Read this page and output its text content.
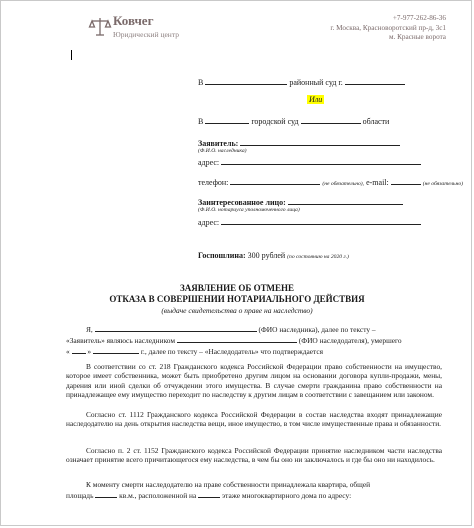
Ковчег
Юридический центр
+7-977-262-86-36
г. Москва, Красноворотский пр-д, 3с1
м. Красные ворота
В	районный суд г.
Или
В	городской суд	области
Заявитель:
(Ф.И.О. наследника)
адрес:
телефон:	(не обязательно), e-mail:	(не обязательно)
Заинтересованное лицо:
(Ф.И.О. нотариуса уполномоченного лица)
адрес:
Госпошлина: 300 рублей (по состоянию на 2020 г.)
ЗАЯВЛЕНИЕ ОБ ОТМЕНЕ
ОТКАЗА В СОВЕРШЕНИИ НОТАРИАЛЬНОГО ДЕЙСТВИЯ
(выдаче свидетельства о праве на наследство)
Я,	(ФИО наследника), далее по тексту –
«Заявитель» являюсь наследником	(ФИО наследодателя), умершего
« »	г., далее по тексту – «Наследодатель» что подтверждается

В соответствии со ст. 218 Гражданского кодекса Российской Федерации право собственности на имущество, которое имеет собственника, может быть приобретено другим лицом на основании договора купли-продажи, мены, дарения или иной сделки об отчуждении этого имущества. В случае смерти гражданина право собственности на принадлежащее ему имущество переходит по наследству к другим лицам в соответствии с завещанием или законом.

Согласно ст. 1112 Гражданского кодекса Российской Федерации в состав наследства входят принадлежащие наследодателю на день открытия наследства вещи, иное имущество, в том числе имущественные права и обязанности.

Согласно п. 2 ст. 1152 Гражданского кодекса Российской Федерации принятие наследником части наследства означает принятие всего причитающегося ему наследства, в чем бы оно ни заключалось и где бы оно ни находилось.

К моменту смерти наследодателю на праве собственности принадлежала квартира, общей

площадь	кв.м., расположенной на	этаже многоквартирного дома по адресу:
